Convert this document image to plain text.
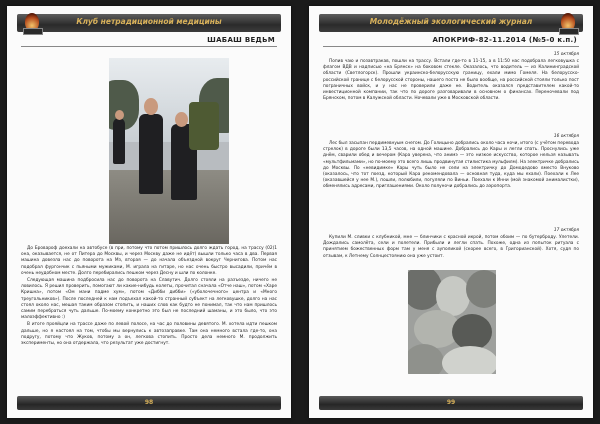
Клуб нетрадиционной медицины
ШАБАШ ВЕДЬМ

До Бровароф доехали на автобусе (в при, потому что потом пришлось долго ждать город, на трассу (02)1 она, оказывается, не от Питера до Москвы, и через Москву даже не идёт) вышли только часа в два. Первая машина довезла нас до поворота на Мз, вторая — до начала объездной вокруг Чернигова. Потом нас подобрал фургончик с пьяными мужиками, М. играла на гитаре, но нас очень быстро высадили, причём в очень неудобном месте. Долго перебирались пешком через Десну и шли по колонке.

Следующая машина подбросила нас до поворота на Славутич. Долго стояли на разъезде, ничего не ловилось. Я решил проверить, помогают ли какие-нибудь колеты, прочитал сначала «Отче наш», потом «Харе Кришна», потом «Ом мани падме хум», потом «Дибби дибби» («уболочечного» центра и «Много треугольников»). После последней к нам подъехал какой-то странный субъект на легковушке, долго на нас стоял около нас, мешая таким образом стопить, и наших слов как будто не понимал, так что нам пришлось самим перебраться чуть дальше. По-моему конкретно это был не последний шаманы, и это было, что это малоэффективно :)

В итоге прояйцли на трассе даже по левой полосе, на час до половины девятого. М. хотела идти пешком дальше, но я настоял на том, чтобы мы вернулись к автозаправке. Там она немного встала где-то, она подругу, потому что Жуков, потому а он, легкова стопить. Просто дела немного М. продолжить эксперименты, но она отдержала, что результат уже достигнут.

98
Молодёжный экологический журнал
АПОКРИФ-82-11.2014 (№5-0 к.п.)
15 октября

Попив чаю и позавтракав, пошли на трассу. Встали где-то в 11-15, а в 11:50 нас подобрала легковушка с флагом ВДВ и надписью «на Брянск» на боковом стекле. Оказалось, что водитель — из Калининградской области (Светлогорск). Прошли украинско-белорусскую границу, ехали мимо Гомеля. На белорусско-российской границе с белорусской стороны, нашего поста не было вообще, на российской стояли только пост пограничных войск, и у нас не проверили даже не. Водитель оказался представителем какой-то инвестиционной компании, так что по дороге разговаривали в основном о финансах. Переночевали под Брянском, потом в Калужской области. Ночевали уже в Московской области.

16 октября

Лес был засыпан пердимевнуым снегом. До Голицыно добрались около часа ночи, итого (с учётом перевода стрелок) в дороге были 13,5 часов, на одной машине. Добрались до Кары и легли спать. Проснулись уже днём, сварили обед и вечером (Кара уверена, что анимэ — это низкое искусство, которое нельзя называть «мультфильмами», но по-моему это всего лишь продвинутая стилистика мульфилм). На электричке добрались до Москвы. По «невидимке» Кары чуть было не сели на электричку до Домодедово вместо Внуково (оказалось, что тот поезд, который Кара рекомендовала — основная туда, куда мы ехали). Поехали к Лее (оказавшейся у нее М.), пошли, полюбили, погуляли по Виньи. Поехали к Инни (мой знакомой анималистки), обменялись адресами, приглашениями. Около полуночи добрались до аэропорта.

17 октября

Купили М. сливки с клубникой, мне — блинчики с красной икрой, потом обоим — по бутерброду. Улетели. Дождались самолёта, сели и полетели. Прибыли и легли спать. Похоже, одна из попыток ритуала с принятием божественных форм там у меня с ауполикой (скорее всего, в Григорианской). Хотя, судя по отзывам, к Летнему Солнцестоянию она уже устоит.

99
